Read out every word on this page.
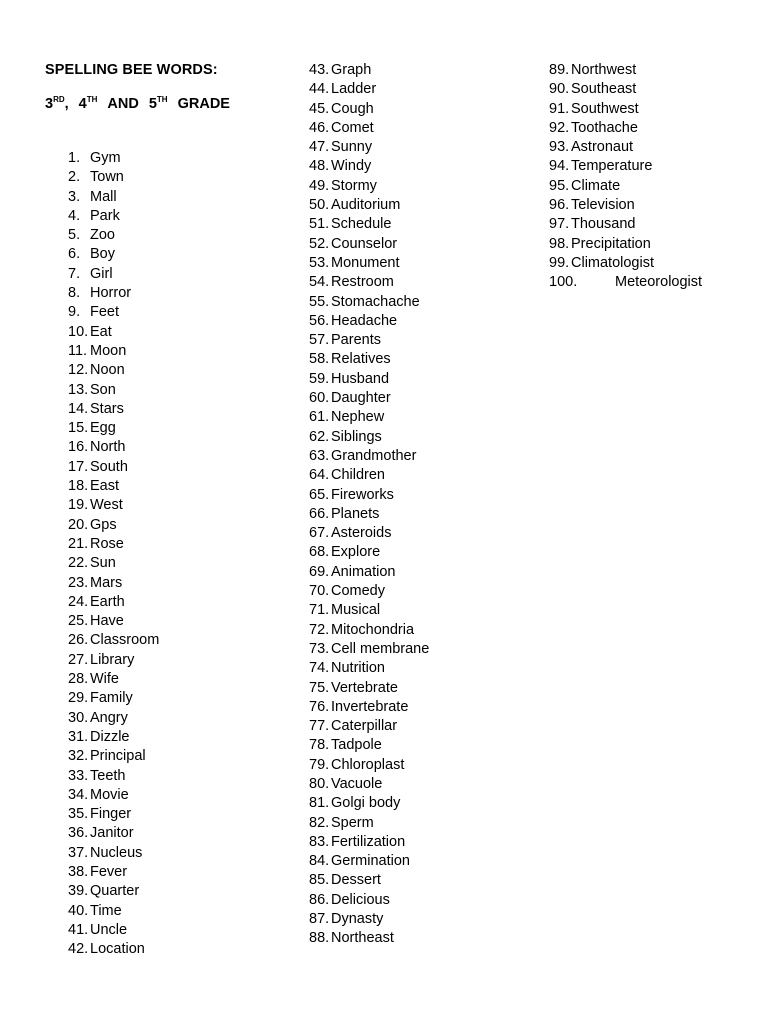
SPELLING BEE WORDS:
3RD, 4TH AND 5TH GRADE
1. Gym
2. Town
3. Mall
4. Park
5. Zoo
6. Boy
7. Girl
8. Horror
9. Feet
10. Eat
11. Moon
12. Noon
13. Son
14. Stars
15. Egg
16. North
17. South
18. East
19. West
20. Gps
21. Rose
22. Sun
23. Mars
24. Earth
25. Have
26. Classroom
27. Library
28. Wife
29. Family
30. Angry
31. Dizzle
32. Principal
33. Teeth
34. Movie
35. Finger
36. Janitor
37. Nucleus
38. Fever
39. Quarter
40. Time
41. Uncle
42. Location
43. Graph
44. Ladder
45. Cough
46. Comet
47. Sunny
48. Windy
49. Stormy
50. Auditorium
51. Schedule
52. Counselor
53. Monument
54. Restroom
55. Stomachache
56. Headache
57. Parents
58. Relatives
59. Husband
60. Daughter
61. Nephew
62. Siblings
63. Grandmother
64. Children
65. Fireworks
66. Planets
67. Asteroids
68. Explore
69. Animation
70. Comedy
71. Musical
72. Mitochondria
73. Cell membrane
74. Nutrition
75. Vertebrate
76. Invertebrate
77. Caterpillar
78. Tadpole
79. Chloroplast
80. Vacuole
81. Golgi body
82. Sperm
83. Fertilization
84. Germination
85. Dessert
86. Delicious
87. Dynasty
88. Northeast
89. Northwest
90. Southeast
91. Southwest
92. Toothache
93. Astronaut
94. Temperature
95. Climate
96. Television
97. Thousand
98. Precipitation
99. Climatologist
100.	Meteorologist
